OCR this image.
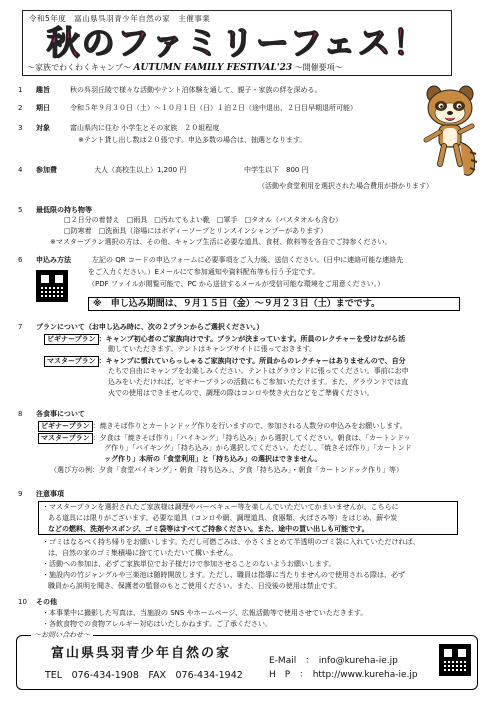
令和5年度　富山県呉羽青少年自然の家　主催事業
秋のファミリーフェス！
～家族でわくわくキャンプ～ AUTUMN FAMILY FESTIVAL'23 ～開催要項～
1 趣旨	秋の呉羽丘陵で様々な活動やテント泊体験を通して、親子・家族の絆を深める。
2 期日	令和５年９月３０日（土）～１０月１日（日）１泊２日（途中退出、２日目早期退所可能）
3 対象	富山県内に住む 小学生とその家族　２０組程度
※テント貸し出し数は２０張です。申込多数の場合は、抽選となります。
4 参加費	大人（高校生以上）1,200 円	中学生以下　800 円
（活動や食堂利用を選択された場合費用が掛かります）
5 最低限の持ち物等
□２日分の着替え　□雨具　□汚れてもよい靴　□軍手　□タオル（バスタオルも含む）
□防寒着　□洗面具（浴場にはボディーソープとリンスインシャンプーがあります）
※マスタープラン選択の方は、その他、キャンプ生活に必要な道具、食材、飲料等を各自でご持参ください。
6 申込み方法	左記の QR コードの申込フォームに必要事項をご入力後、送信ください。(日中に連絡可能な連絡先
をご入力ください。）Eメールにて参加通知や資料配布等も行う予定です。
（PDF ファイルが閲覧可能で、PC から送信するメールが受信可能な環境をご用意ください。）
※　申し込み期間は、９月１５日（金）～９月２３日（土）までです。
7 プランについて（お申し込み時に、次の２プランからご選択ください。）
ビギナープラン ：キャンプ初心者のご家族向けです。プランが決まっています。所員のレクチャーを受けながら活
動していただきます。テントはキャンプサイトに張っておきます。
マスタープラン ：キャンプに慣れていらっしゃるご家族向けです。所員からのレクチャーはありませんので、自分
たちで自由にキャンプをお楽しみください。テントはグラウンドに張ってください。事前にお申
込みをいただければ、ビギナープランの活動にもご参加いただけます。また、グラウンドでは直
火での使用はできませんので、調理の際はコンロや焚き火台などをご準備ください。
8 各食事について
ビギナープラン ：焼きそば作りとカートンドッグ作りを行いますので、参加される人数分の申込みをお願いします。
マスタープラン ：夕食は「焼きそば作り」「バイキング」「持ち込み」から選択してください。朝食は、「カートンドッ
グ作り」「バイキング」「持ち込み」から選択してください。ただし、「焼きそば作り」「カートンド
ッグ作り」本所の「食堂利用」と「持ち込み」の選択はできません。
（選び方の例：夕食「食堂バイキング」・朝食「持ち込み」、夕食「持ち込み」・朝食「カートンドック作り」等）
9 注意事項
・マスタープランを選択されたご家族様は調理やバーベキュー等を楽しんでいただいてかまいませんが、こちらに
ある道具には限りがございます。必要な道具（コンロや網、調理道具、食器類、火ばさみ等）をはじめ、薪や炭
などの燃料、洗剤やスポンジ、ゴミ袋等はすべてご持参ください。また、途中の買い出しも可能です。
・ゴミはなるべく持ち帰りをお願いします。ただし可燃ごみは、小さくまとめて半透明のゴミ袋に入れていただければ、
は、自然の家のゴミ集積場に捨てていただいて構いません。
・活動への参加は、必ずご家族単位でお子様だけで参加させることのないようお願いします。
・施設内の竹ジャングルや三楽池は随時開放します。ただし、職員は指導に当たりませんので使用される際は、必ず
職員から説明を聞き、保護者の監督のもとご使用ください。また、日没後の使用は禁止です。
10 その他
・本事業中に撮影した写真は、当施設の SNS やホームページ、広報活動等で使用させていただきます。
・各飲食物での食物アレルギー対応はいたしかねます。ご了承ください。
～お問い合わせ～
富山県呉羽青少年自然の家
TEL　076-434-1908　FAX　076-434-1942
E-Mail　：　info@kureha-ie.jp
H　P　：　http://www.kureha-ie.jp
